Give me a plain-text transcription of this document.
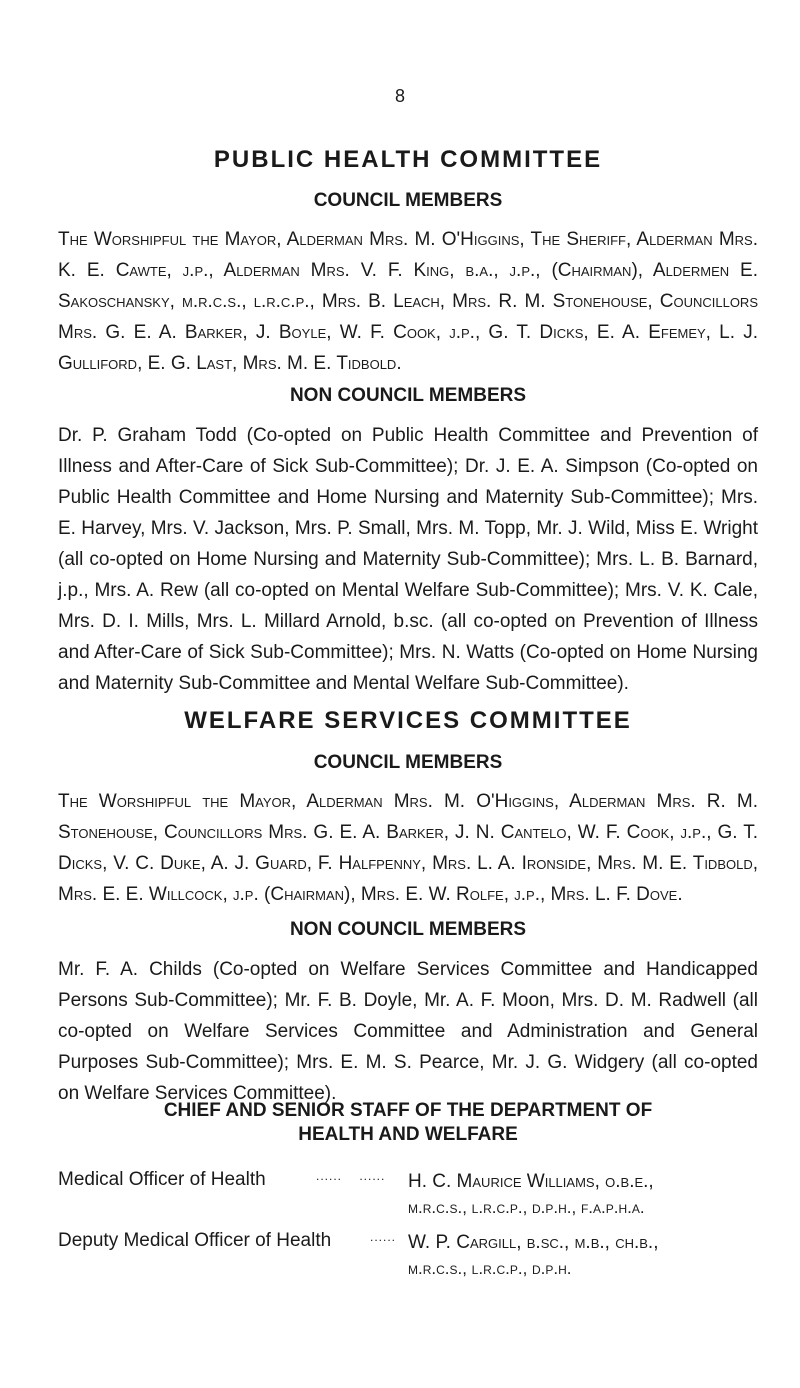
8
PUBLIC HEALTH COMMITTEE
COUNCIL MEMBERS

The Worshipful the Mayor, Alderman Mrs. M. O'Higgins, The Sheriff, Alderman Mrs. K. E. Cawte, j.p., Alderman Mrs. V. F. King, b.a., j.p., (Chairman), Aldermen E. Sakoschansky, m.r.c.s., l.r.c.p., Mrs. B. Leach, Mrs. R. M. Stonehouse, Councillors Mrs. G. E. A. Barker, J. Boyle, W. F. Cook, j.p., G. T. Dicks, E. A. Efemey, L. J. Gulliford, E. G. Last, Mrs. M. E. Tidbold.

NON COUNCIL MEMBERS

Dr. P. Graham Todd (Co-opted on Public Health Committee and Prevention of Illness and After-Care of Sick Sub-Committee); Dr. J. E. A. Simpson (Co-opted on Public Health Committee and Home Nursing and Maternity Sub-Committee); Mrs. E. Harvey, Mrs. V. Jackson, Mrs. P. Small, Mrs. M. Topp, Mr. J. Wild, Miss E. Wright (all co-opted on Home Nursing and Maternity Sub-Committee); Mrs. L. B. Barnard, j.p., Mrs. A. Rew (all co-opted on Mental Welfare Sub-Committee); Mrs. V. K. Cale, Mrs. D. I. Mills, Mrs. L. Millard Arnold, b.sc. (all co-opted on Prevention of Illness and After-Care of Sick Sub-Committee); Mrs. N. Watts (Co-opted on Home Nursing and Maternity Sub-Committee and Mental Welfare Sub-Committee).

WELFARE SERVICES COMMITTEE
COUNCIL MEMBERS

The Worshipful the Mayor, Alderman Mrs. M. O'Higgins, Alderman Mrs. R. M. Stonehouse, Councillors Mrs. G. E. A. Barker, J. N. Cantelo, W. F. Cook, j.p., G. T. Dicks, V. C. Duke, A. J. Guard, F. Halfpenny, Mrs. L. A. Ironside, Mrs. M. E. Tidbold, Mrs. E. E. Willcock, j.p. (Chairman), Mrs. E. W. Rolfe, j.p., Mrs. L. F. Dove.

NON COUNCIL MEMBERS

Mr. F. A. Childs (Co-opted on Welfare Services Committee and Handicapped Persons Sub-Committee); Mr. F. B. Doyle, Mr. A. F. Moon, Mrs. D. M. Radwell (all co-opted on Welfare Services Committee and Administration and General Purposes Sub-Committee); Mrs. E. M. S. Pearce, Mr. J. G. Widgery (all co-opted on Welfare Services Committee).

CHIEF AND SENIOR STAFF OF THE DEPARTMENT OF

HEALTH AND WELFARE

Medical Officer of Health	......    ...... H. C. Maurice Williams, o.b.e.,
m.r.c.s., l.r.c.p., d.p.h., f.a.p.h.a.
Deputy Medical Officer of Health	...... W. P. Cargill, b.sc., m.b., ch.b.,
m.r.c.s., l.r.c.p., d.p.h.
